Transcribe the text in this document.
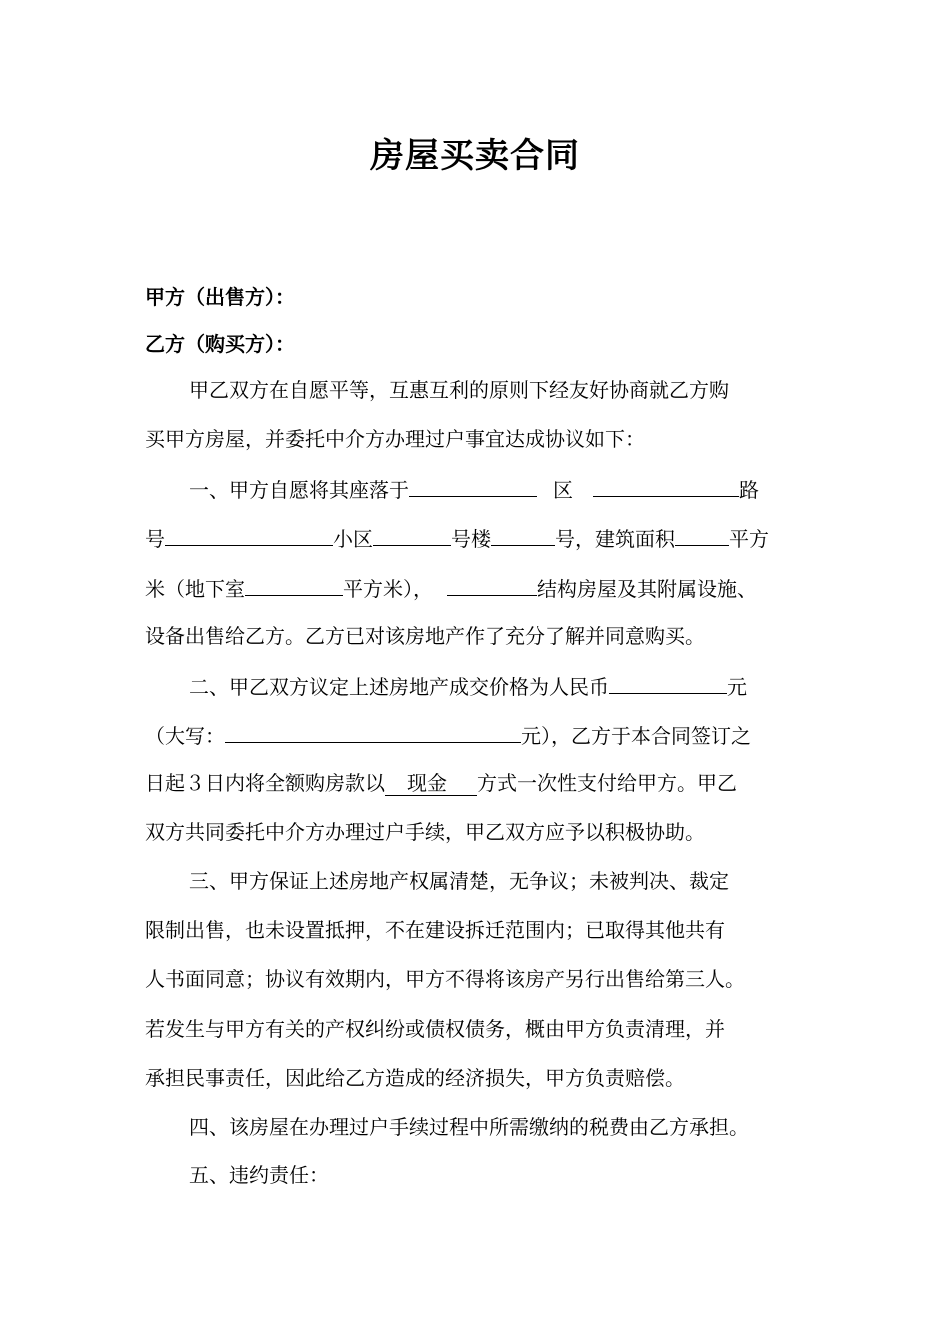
房屋买卖合同
甲方（出售方）：
乙方（购买方）：
甲乙双方在自愿平等，互惠互利的原则下经友好协商就乙方购
买甲方房屋，并委托中介方办理过户事宜达成协议如下：
一、甲方自愿将其座落于	区	路
号	小区	号楼	号，建筑面积	平方
米（地下室	平方米），	结构房屋及其附属设施、
设备出售给乙方。乙方已对该房地产作了充分了解并同意购买。
二、甲乙双方议定上述房地产成交价格为人民币	元
（大写：	元），乙方于本合同签订之
日起３日内将全额购房款以 现金 方式一次性支付给甲方。甲乙
双方共同委托中介方办理过户手续，甲乙双方应予以积极协助。
三、甲方保证上述房地产权属清楚，无争议；未被判决、裁定
限制出售，也未设置抵押，不在建设拆迁范围内；已取得其他共有
人书面同意；协议有效期内，甲方不得将该房产另行出售给第三人。
若发生与甲方有关的产权纠纷或债权债务，概由甲方负责清理，并
承担民事责任，因此给乙方造成的经济损失，甲方负责赔偿。
四、该房屋在办理过户手续过程中所需缴纳的税费由乙方承担。
五、违约责任：
